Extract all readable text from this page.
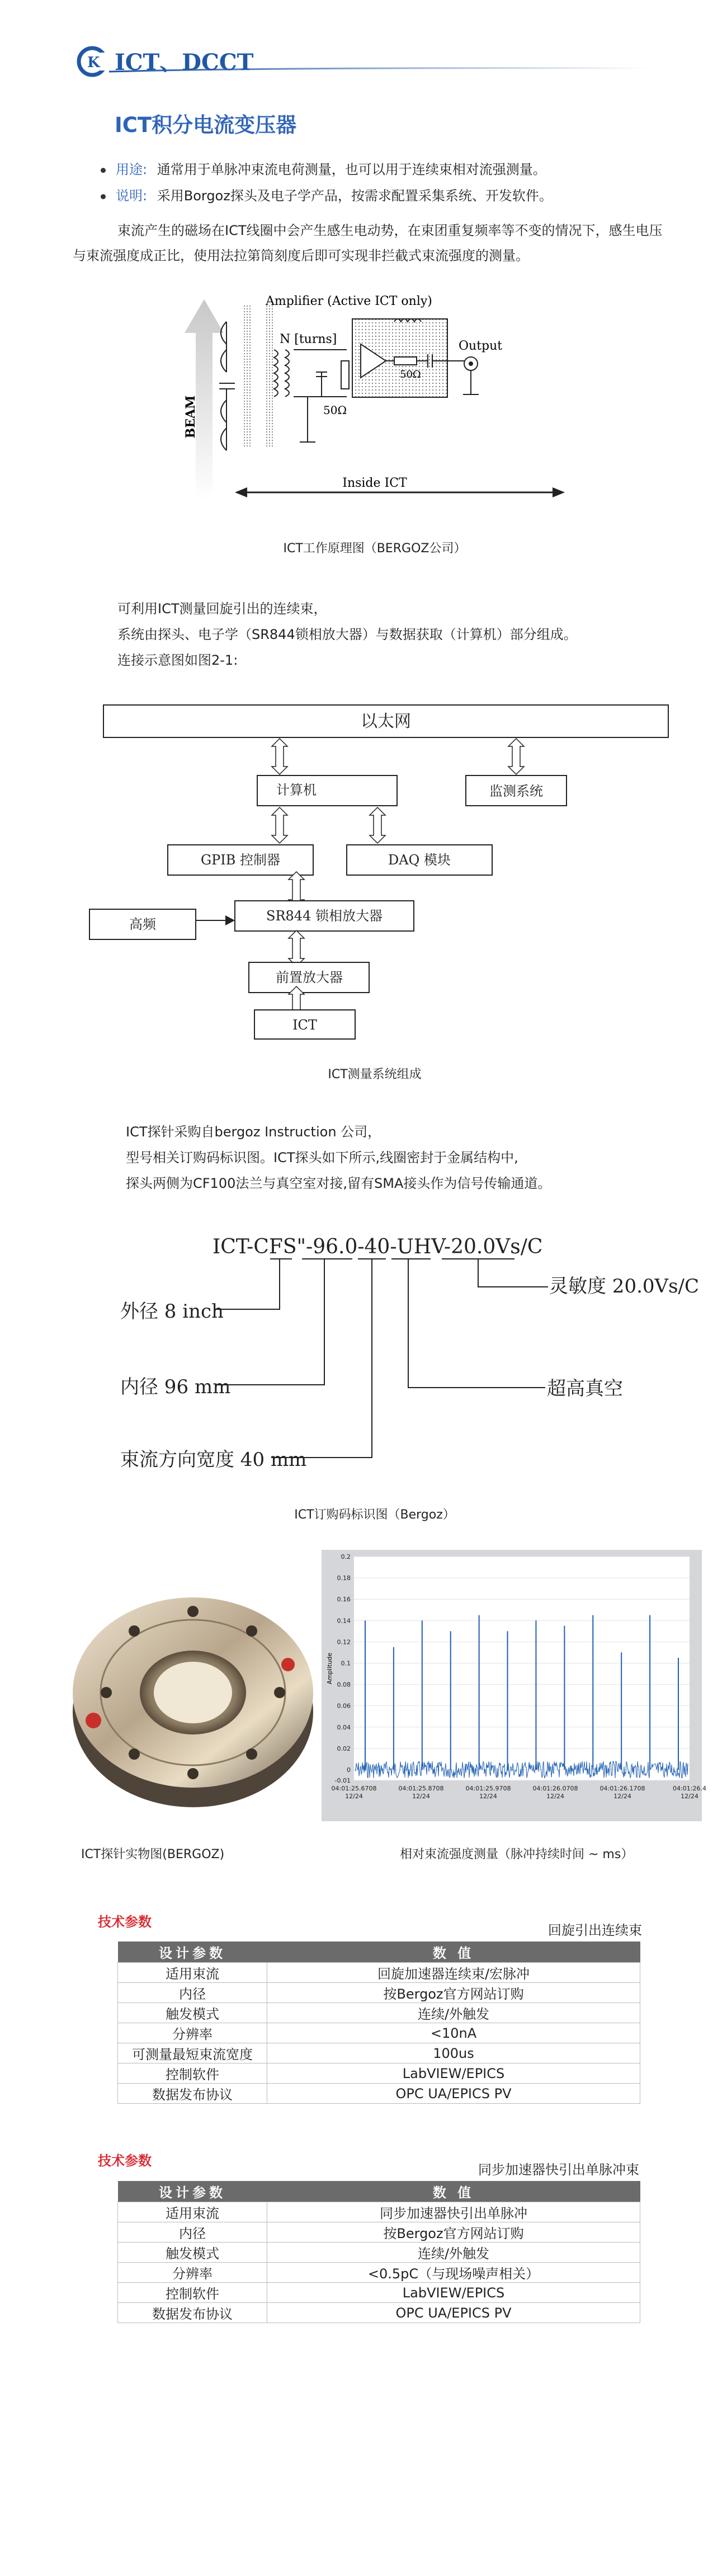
K ICT、DCCT
ICT积分电流变压器
用途: 通常用于单脉冲束流电荷测量，也可以用于连续束相对流强测量。
说明: 采用Borgoz探头及电子学产品，按需求配置采集系统、开发软件。
束流产生的磁场在ICT线圈中会产生感生电动势，在束团重复频率等不变的情况下，感生电压与束流强度成正比，使用法拉第筒刻度后即可实现非拦截式束流强度的测量。
BEAM
N [turns]
Amplifier (Active ICT only)
50Ω
50Ω
Output
Inside ICT
ICT工作原理图（BERGOZ公司）
可利用ICT测量回旋引出的连续束，
系统由探头、电子学（SR844锁相放大器）与数据获取（计算机）部分组成。
连接示意图如图2-1:
以太网
计算机	监测系统
GPIB 控制器	DAQ 模块
SR844 锁相放大器
高频
前置放大器
ICT
ICT测量系统组成
ICT探针采购自bergoz Instruction 公司，
型号相关订购码标识图。ICT探头如下所示,线圈密封于金属结构中,
探头两侧为CF100法兰与真空室对接,留有SMA接头作为信号传输通道。
ICT-CFS"-96.0-40-UHV-20.0Vs/C
外径 8 inch
内径 96 mm
束流方向宽度 40 mm
灵敏度 20.0Vs/C
超高真空
ICT订购码标识图（Bergoz）
ICT探针实物图(BERGOZ)
0.2
0.18
0.16
0.14
0.12
0.1
0.08
0.06
0.04
0.02
0
-0.01
04:01:25.6708 12/24
04:01:25.8708 12/24
04:01:25.9708 12/24
04:01:26.0708 12/24
04:01:26.1708 12/24
04:01:26.4 12/24
Amplitude
相对束流强度测量（脉冲持续时间 ~ ms）
技术参数
回旋引出连续束
设计参数	数 值
适用束流	回旋加速器连续束/宏脉冲
内径	按Bergoz官方网站订购
触发模式	连续/外触发
分辨率	<10nA
可测量最短束流宽度	100us
控制软件	LabVIEW/EPICS
数据发布协议	OPC UA/EPICS PV
技术参数
同步加速器快引出单脉冲束
设计参数	数 值
适用束流	同步加速器快引出单脉冲
内径	按Bergoz官方网站订购
触发模式	连续/外触发
分辨率	<0.5pC（与现场噪声相关）
控制软件	LabVIEW/EPICS
数据发布协议	OPC UA/EPICS PV
